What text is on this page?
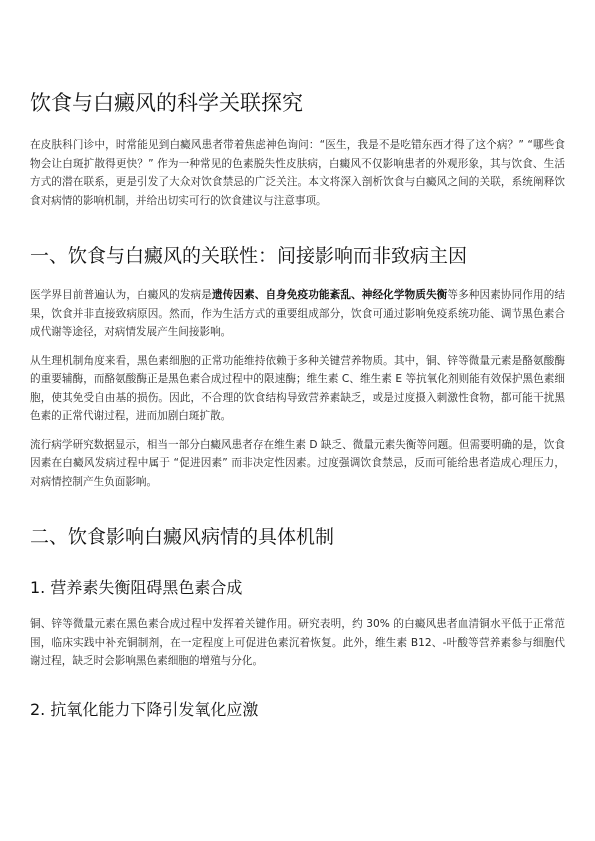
饮食与白癜风的科学关联探究

在皮肤科门诊中，时常能见到白癜风患者带着焦虑神色询问：“医生，我是不是吃错东西才得了这个病？” “哪些食物会让白斑扩散得更快？” 作为一种常见的色素脱失性皮肤病，白癜风不仅影响患者的外观形象，其与饮食、生活方式的潜在联系，更是引发了大众对饮食禁忌的广泛关注。本文将深入剖析饮食与白癜风之间的关联，系统阐释饮食对病情的影响机制，并给出切实可行的饮食建议与注意事项。

一、饮食与白癜风的关联性：间接影响而非致病主因

医学界目前普遍认为，白癜风的发病是遗传因素、自身免疫功能紊乱、神经化学物质失衡等多种因素协同作用的结果，饮食并非直接致病原因。然而，作为生活方式的重要组成部分，饮食可通过影响免疫系统功能、调节黑色素合成代谢等途径，对病情发展产生间接影响。

从生理机制角度来看，黑色素细胞的正常功能维持依赖于多种关键营养物质。其中，铜、锌等微量元素是酪氨酸酶的重要辅酶，而酪氨酸酶正是黑色素合成过程中的限速酶；维生素 C、维生素 E 等抗氧化剂则能有效保护黑色素细胞，使其免受自由基的损伤。因此，不合理的饮食结构导致营养素缺乏，或是过度摄入刺激性食物，都可能干扰黑色素的正常代谢过程，进而加剧白斑扩散。

流行病学研究数据显示，相当一部分白癜风患者存在维生素 D 缺乏、微量元素失衡等问题。但需要明确的是，饮食因素在白癜风发病过程中属于 “促进因素” 而非决定性因素。过度强调饮食禁忌，反而可能给患者造成心理压力，对病情控制产生负面影响。

二、饮食影响白癜风病情的具体机制
1. 营养素失衡阻碍黑色素合成

铜、锌等微量元素在黑色素合成过程中发挥着关键作用。研究表明，约 30% 的白癜风患者血清铜水平低于正常范围，临床实践中补充铜制剂，在一定程度上可促进色素沉着恢复。此外，维生素 B12、-叶酸等营养素参与细胞代谢过程，缺乏时会影响黑色素细胞的增殖与分化。

2. 抗氧化能力下降引发氧化应激
